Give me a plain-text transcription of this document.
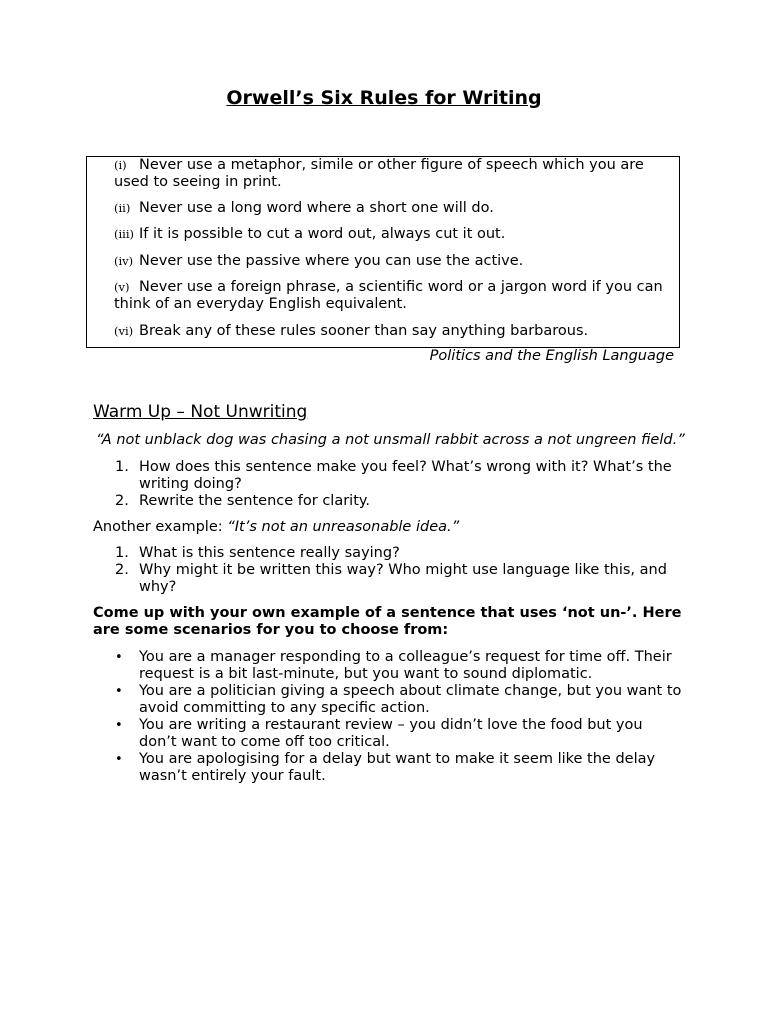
Orwell’s Six Rules for Writing
(i) Never use a metaphor, simile or other figure of speech which you are used to seeing in print.
(ii) Never use a long word where a short one will do.
(iii) If it is possible to cut a word out, always cut it out.
(iv) Never use the passive where you can use the active.
(v) Never use a foreign phrase, a scientific word or a jargon word if you can think of an everyday English equivalent.
(vi) Break any of these rules sooner than say anything barbarous.
Politics and the English Language
Warm Up – Not Unwriting
“A not unblack dog was chasing a not unsmall rabbit across a not ungreen field.”
1. How does this sentence make you feel? What’s wrong with it? What’s the writing doing?
2. Rewrite the sentence for clarity.
Another example: “It’s not an unreasonable idea.”
1. What is this sentence really saying?
2. Why might it be written this way? Who might use language like this, and why?
Come up with your own example of a sentence that uses ‘not un-’. Here are some scenarios for you to choose from:
• You are a manager responding to a colleague’s request for time off. Their request is a bit last-minute, but you want to sound diplomatic.
• You are a politician giving a speech about climate change, but you want to avoid committing to any specific action.
• You are writing a restaurant review – you didn’t love the food but you don’t want to come off too critical.
• You are apologising for a delay but want to make it seem like the delay wasn’t entirely your fault.
